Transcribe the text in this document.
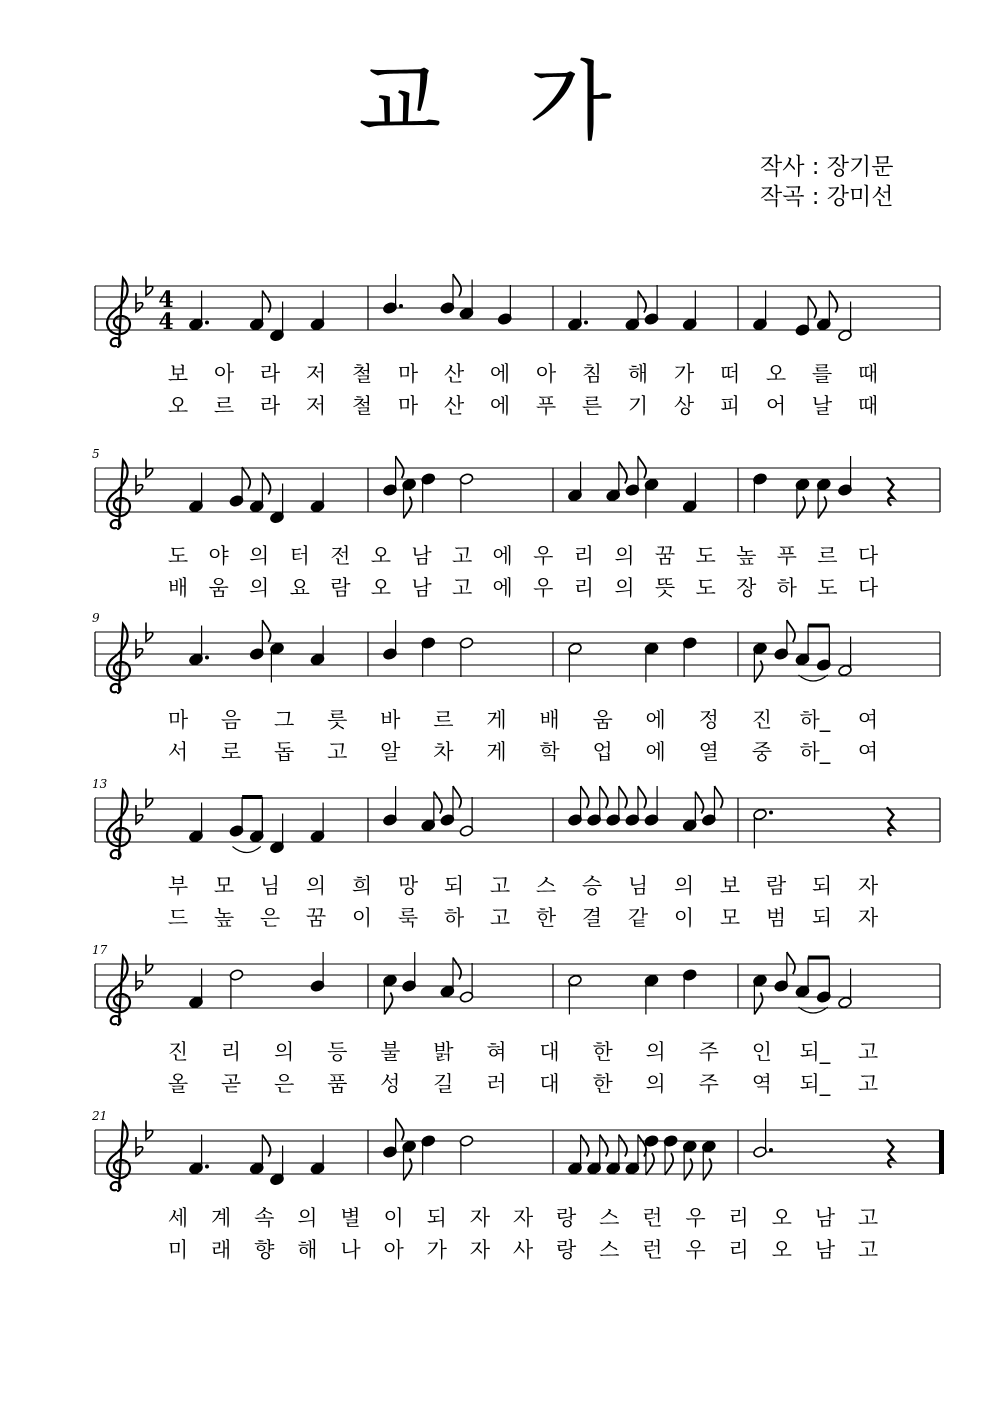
교 가
작사 : 장기문
작곡 : 강미선
4
4
보 아 라 저 철 마 산 에 아 침 해 가 떠 오 를 때
오 르 라 저 철 마 산 에 푸 른 기 상 피 어 날 때
5
도 야 의 터 전 오 남 고 에 우 리 의 꿈 도 높 푸 르 다
배 움 의 요 람 오 남 고 에 우 리 의 뜻 도 장 하 도 다
9
마 음 그 릇 바 르 게 배 움 에 정 진 하_ 여
서 로 돕 고 알 차 게 학 업 에 열 중 하_ 여
13
부 모 님 의 희 망 되 고 스 승 님 의 보 람 되 자
드 높 은 꿈 이 룩 하 고 한 결 같 이 모 범 되 자
17
진 리 의 등 불 밝 혀 대 한 의 주 인 되_ 고
올 곧 은 품 성 길 러 대 한 의 주 역 되_ 고
21
세 계 속 의 별 이 되 자 자 랑 스 런 우 리 오 남 고
미 래 향 해 나 아 가 자 사 랑 스 런 우 리 오 남 고
